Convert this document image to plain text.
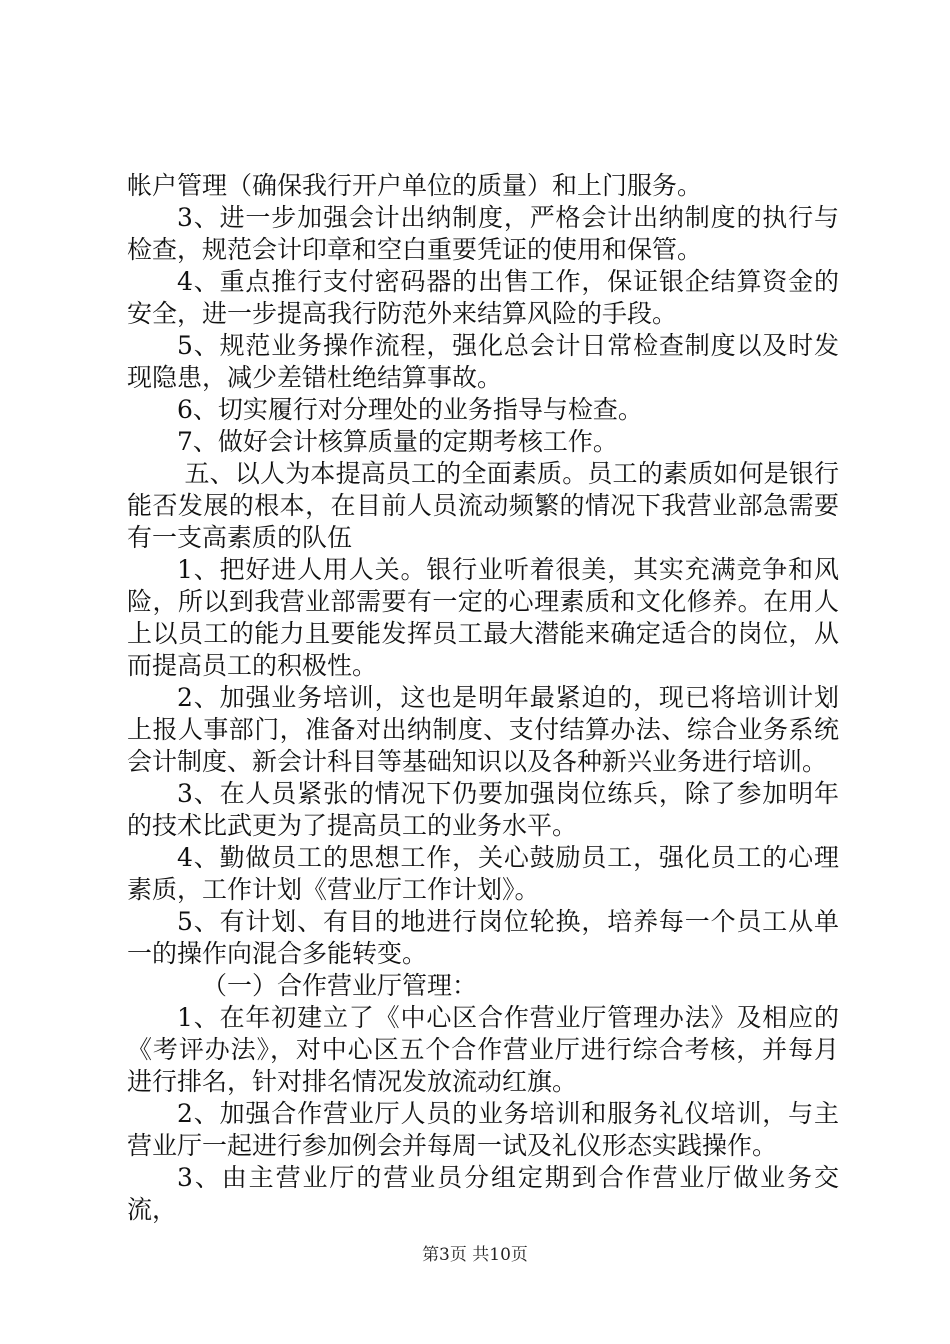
帐户管理（确保我行开户单位的质量）和上门服务。

3、进一步加强会计出纳制度，严格会计出纳制度的执行与检查，规范会计印章和空白重要凭证的使用和保管。

4、重点推行支付密码器的出售工作，保证银企结算资金的安全，进一步提高我行防范外来结算风险的手段。

5、规范业务操作流程，强化总会计日常检查制度以及时发现隐患，减少差错杜绝结算事故。

6、切实履行对分理处的业务指导与检查。

7、做好会计核算质量的定期考核工作。

五、以人为本提高员工的全面素质。员工的素质如何是银行能否发展的根本，在目前人员流动频繁的情况下我营业部急需要有一支高素质的队伍

1、把好进人用人关。银行业听着很美，其实充满竞争和风险，所以到我营业部需要有一定的心理素质和文化修养。在用人上以员工的能力且要能发挥员工最大潜能来确定适合的岗位，从而提高员工的积极性。

2、加强业务培训，这也是明年最紧迫的，现已将培训计划上报人事部门，准备对出纳制度、支付结算办法、综合业务系统会计制度、新会计科目等基础知识以及各种新兴业务进行培训。

3、在人员紧张的情况下仍要加强岗位练兵，除了参加明年的技术比武更为了提高员工的业务水平。

4、勤做员工的思想工作，关心鼓励员工，强化员工的心理素质，工作计划《营业厅工作计划》。

5、有计划、有目的地进行岗位轮换，培养每一个员工从单一的操作向混合多能转变。

（一）合作营业厅管理：

1、在年初建立了《中心区合作营业厅管理办法》及相应的《考评办法》，对中心区五个合作营业厅进行综合考核，并每月进行排名，针对排名情况发放流动红旗。

2、加强合作营业厅人员的业务培训和服务礼仪培训，与主营业厅一起进行参加例会并每周一试及礼仪形态实践操作。

3、由主营业厅的营业员分组定期到合作营业厅做业务交流，

第3页 共10页
